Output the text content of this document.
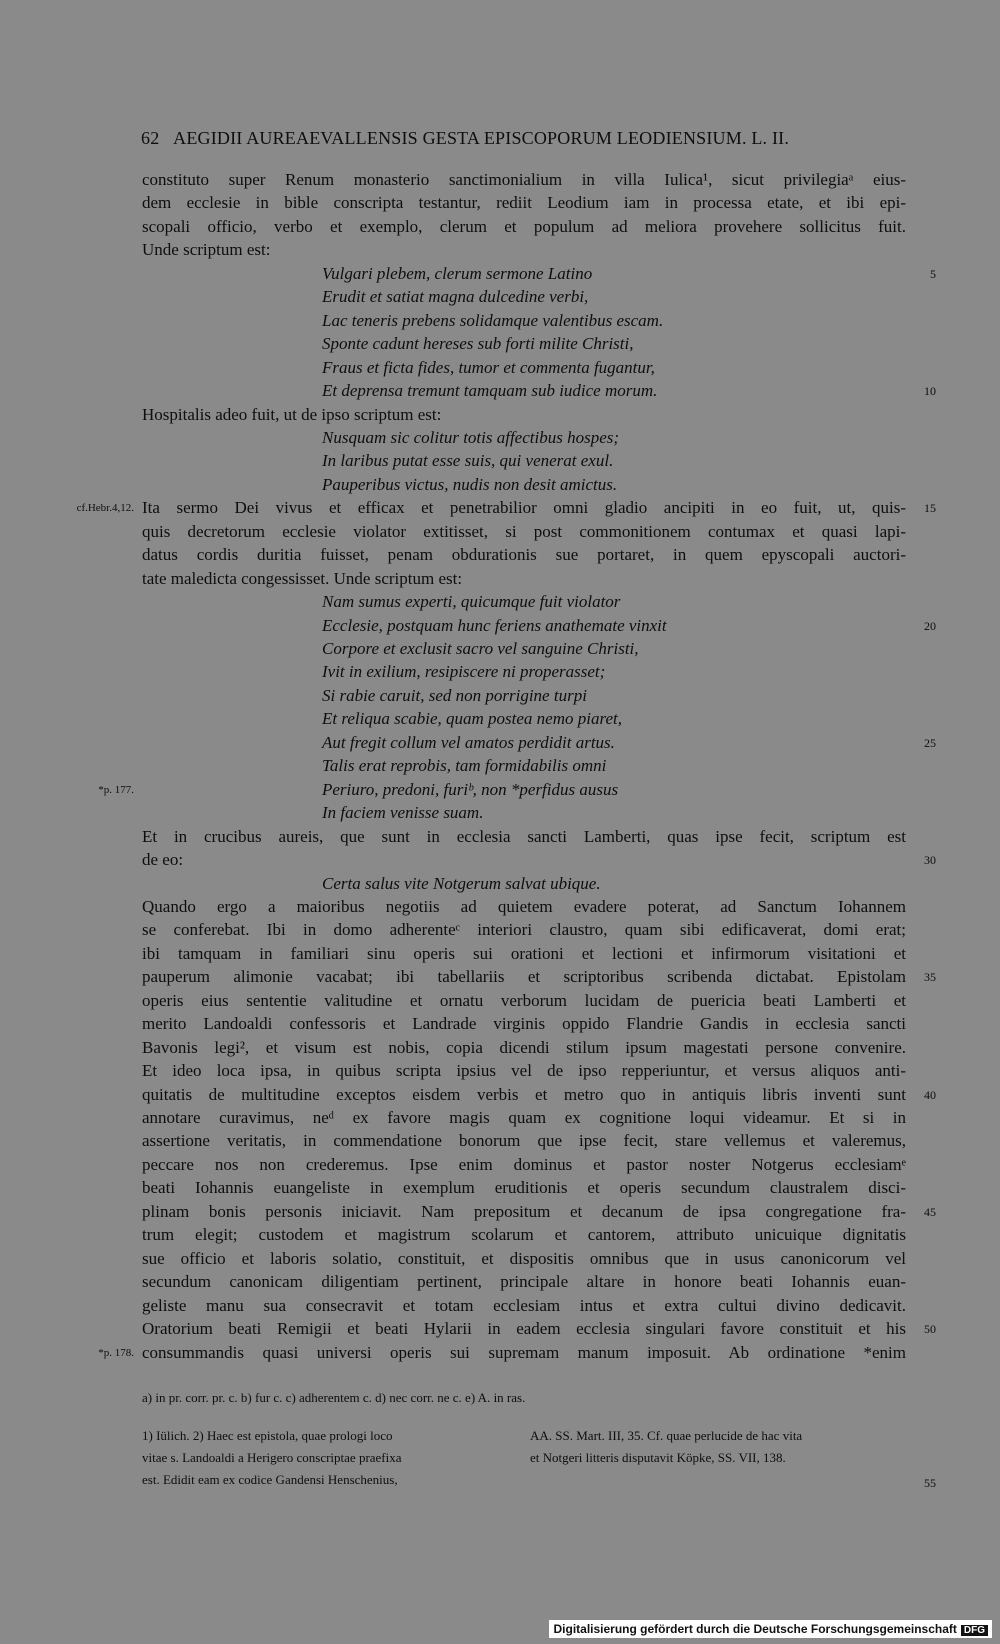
62 AEGIDII AUREAEVALLENSIS GESTA EPISCOPORUM LEODIENSIUM. L. II.
constituto super Renum monasterio sanctimonialium in villa Iulica¹, sicut privilegiaᵃ eius-
dem ecclesie in bible conscripta testantur, rediit Leodium iam in processa etate, et ibi epi-
scopali officio, verbo et exemplo, clerum et populum ad meliora provehere sollicitus fuit.
Unde scriptum est:
Vulgari plebem, clerum sermone Latino	5
Erudit et satiat magna dulcedine verbi,
Lac teneris prebens solidamque valentibus escam.
Sponte cadunt hereses sub forti milite Christi,
Fraus et ficta fides, tumor et commenta fugantur,
Et deprensa tremunt tamquam sub iudice morum.	10
Hospitalis adeo fuit, ut de ipso scriptum est:
Nusquam sic colitur totis affectibus hospes;
In laribus putat esse suis, qui venerat exul.
Pauperibus victus, nudis non desit amictus.
Ita sermo Dei vivus et efficax et penetrabilior omni gladio ancipiti in eo fuit, ut, quis-	15
cf.Hebr.4,12.
quis decretorum ecclesie violator extitisset, si post commonitionem contumax et quasi lapi-
datus cordis duritia fuisset, penam obdurationis sue portaret, in quem epyscopali auctori-
tate maledicta congessisset. Unde scriptum est:
Nam sumus experti, quicumque fuit violator
Ecclesie, postquam hunc feriens anathemate vinxit	20
Corpore et exclusit sacro vel sanguine Christi,
Ivit in exilium, resipiscere ni properasset;
Si rabie caruit, sed non porrigine turpi
Et reliqua scabie, quam postea nemo piaret,
Aut fregit collum vel amatos perdidit artus.	25
Talis erat reprobis, tam formidabilis omni
Periuro, predoni, furiᵇ, non *perfidus ausus
*p. 177.
In faciem venisse suam.
Et in crucibus aureis, que sunt in ecclesia sancti Lamberti, quas ipse fecit, scriptum est
de eo:	30
Certa salus vite Notgerum salvat ubique.
Quando ergo a maioribus negotiis ad quietem evadere poterat, ad Sanctum Iohannem
se conferebat. Ibi in domo adherenteᶜ interiori claustro, quam sibi edificaverat, domi erat;
ibi tamquam in familiari sinu operis sui orationi et lectioni et infirmorum visitationi et
pauperum alimonie vacabat; ibi tabellariis et scriptoribus scribenda dictabat. Epistolam	35
operis eius sententie valitudine et ornatu verborum lucidam de puericia beati Lamberti et
merito Landoaldi confessoris et Landrade virginis oppido Flandrie Gandis in ecclesia sancti
Bavonis legi², et visum est nobis, copia dicendi stilum ipsum magestati persone convenire.
Et ideo loca ipsa, in quibus scripta ipsius vel de ipso repperiuntur, et versus aliquos anti-
quitatis de multitudine exceptos eisdem verbis et metro quo in antiquis libris inventi sunt	40
annotare curavimus, neᵈ ex favore magis quam ex cognitione loqui videamur. Et si in
assertione veritatis, in commendatione bonorum que ipse fecit, stare vellemus et valeremus,
peccare nos non crederemus. Ipse enim dominus et pastor noster Notgerus ecclesiamᵉ
beati Iohannis euangeliste in exemplum eruditionis et operis secundum claustralem disci-
plinam bonis personis iniciavit. Nam prepositum et decanum de ipsa congregatione fra-	45
trum elegit; custodem et magistrum scolarum et cantorem, attributo unicuique dignitatis
sue officio et laboris solatio, constituit, et dispositis omnibus que in usus canonicorum vel
secundum canonicam diligentiam pertinent, principale altare in honore beati Iohannis euan-
geliste manu sua consecravit et totam ecclesiam intus et extra cultui divino dedicavit.
Oratorium beati Remigii et beati Hylarii in eadem ecclesia singulari favore constituit et his	50
consummandis quasi universi operis sui supremam manum imposuit. Ab ordinatione *enim
*p. 178.
a) in pr. corr. pr. c. b) fur c. c) adherentem c. d) nec corr. ne c. e) A. in ras.
1) Iülich. 2) Haec est epistola, quae prologi loco
vitae s. Landoaldi a Herigero conscriptae praefixa
est. Edidit eam ex codice Gandensi Henschenius,
AA. SS. Mart. III, 35. Cf. quae perlucide de hac vita
et Notgeri litteris disputavit Köpke, SS. VII, 138.
55
Digitalisierung gefördert durch die Deutsche Forschungsgemeinschaft DFG
